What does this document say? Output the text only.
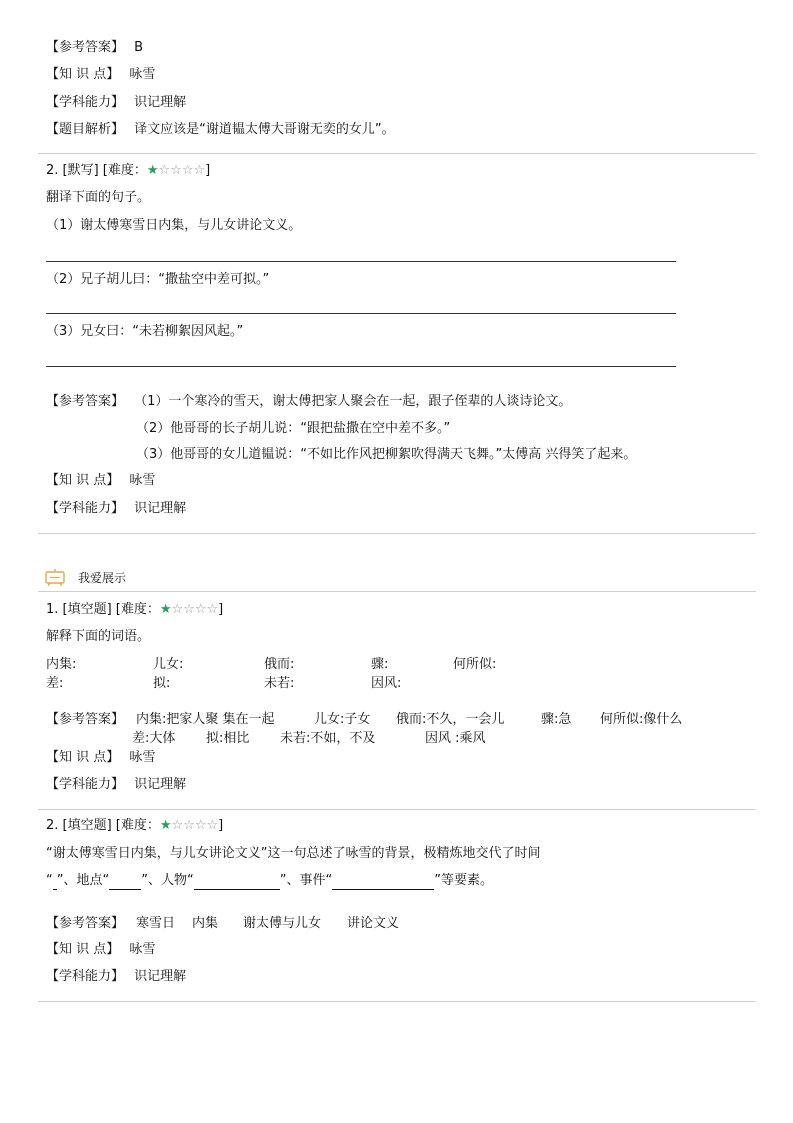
【参考答案】 B
【知 识 点】 咏雪
【学科能力】 识记理解
【题目解析】 译文应该是“谢道韫太傅大哥谢无奕的女儿”。
2. [默写] [难度：★☆☆☆☆]
翻译下面的句子。
（1）谢太傅寒雪日内集，与儿女讲论文义。
（2）兄子胡儿曰：“撒盐空中差可拟。”
（3）兄女曰：“未若柳絮因风起。”
【参考答案】 （1）一个寒冷的雪天，谢太傅把家人聚会在一起，跟子侄辈的人谈诗论文。
（2）他哥哥的长子胡儿说：“跟把盐撒在空中差不多。”
（3）他哥哥的女儿道韫说：“不如比作风把柳絮吹得满天飞舞。”太傅高 兴得笑了起来。
【知 识 点】 咏雪
【学科能力】 识记理解
我爱展示
1. [填空题] [难度：★☆☆☆☆]
解释下面的词语。
内集:	儿女:	俄而:	骤:	何所似:
差:	拟:	未若:	因风:
【参考答案】 内集:把家人聚 集在一起	儿女:子女 俄而:不久，一会儿	骤:急 何所似:像什么
差:大体 拟:相比 未若:不如，不及	因风 :乘风
【知 识 点】 咏雪
【学科能力】 识记理解
2. [填空题] [难度：★☆☆☆☆]
“谢太傅寒雪日内集，与儿女讲论文义”这一句总述了咏雪的背景，极精炼地交代了时间
“ ”、地点“ ”、人物“	”、事件“	”等要素。
【参考答案】 寒雪日 内集 谢太傅与儿女 讲论文义
【知 识 点】 咏雪
【学科能力】 识记理解
